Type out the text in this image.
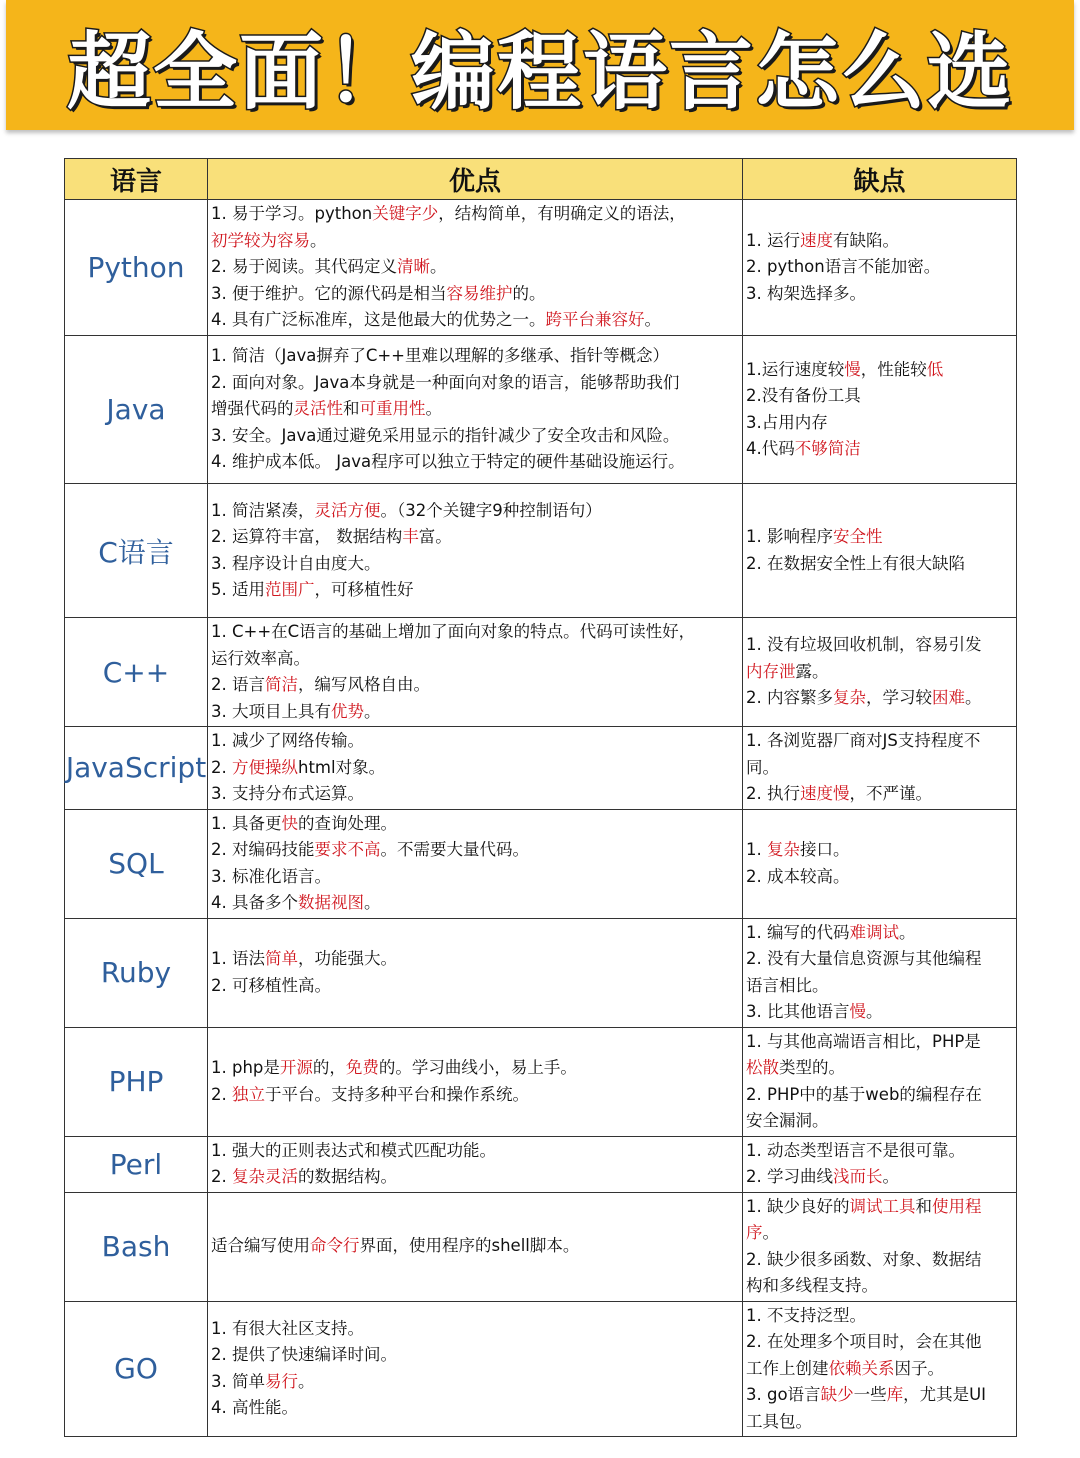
超全面！编程语言怎么选
语言	优点	缺点
Python	1. 易于学习。python关键字少，结构简单，有明确定义的语法，
初学较为容易。
2. 易于阅读。其代码定义清晰。
3. 便于维护。它的源代码是相当容易维护的。
4. 具有广泛标准库，这是他最大的优势之一。跨平台兼容好。	1. 运行速度有缺陷。
2. python语言不能加密。
3. 构架选择多。

Java	1. 简洁（Java摒弃了C++里难以理解的多继承、指针等概念）
2. 面向对象。Java本身就是一种面向对象的语言，能够帮助我们
增强代码的灵活性和可重用性。
3. 安全。Java通过避免采用显示的指针减少了安全攻击和风险。
4. 维护成本低。 Java程序可以独立于特定的硬件基础设施运行。	1.运行速度较慢，性能较低
2.没有备份工具
3.占用内存
4.代码不够简洁

C语言	1. 简洁紧凑，灵活方便。（32个关键字9种控制语句）
2. 运算符丰富， 数据结构丰富。
3. 程序设计自由度大。
5. 适用范围广，可移植性好	1. 影响程序安全性
2. 在数据安全性上有很大缺陷

C++	1. C++在C语言的基础上增加了面向对象的特点。代码可读性好，
运行效率高。
2. 语言简洁，编写风格自由。
3. 大项目上具有优势。	1. 没有垃圾回收机制，容易引发
内存泄露。
2. 内容繁多复杂，学习较困难。

JavaScript	1. 减少了网络传输。
2. 方便操纵html对象。
3. 支持分布式运算。	1. 各浏览器厂商对JS支持程度不
同。
2. 执行速度慢，不严谨。

SQL	1. 具备更快的查询处理。
2. 对编码技能要求不高。不需要大量代码。
3. 标准化语言。
4. 具备多个数据视图。	1. 复杂接口。
2. 成本较高。

Ruby	1. 语法简单，功能强大。
2. 可移植性高。	1. 编写的代码难调试。
2. 没有大量信息资源与其他编程
语言相比。
3. 比其他语言慢。

PHP	1. php是开源的，免费的。学习曲线小，易上手。
2. 独立于平台。支持多种平台和操作系统。	1. 与其他高端语言相比，PHP是
松散类型的。
2. PHP中的基于web的编程存在
安全漏洞。

Perl	1. 强大的正则表达式和模式匹配功能。
2. 复杂灵活的数据结构。	1. 动态类型语言不是很可靠。
2. 学习曲线浅而长。

Bash	适合编写使用命令行界面，使用程序的shell脚本。	1. 缺少良好的调试工具和使用程
序。
2. 缺少很多函数、对象、数据结
构和多线程支持。

GO	1. 有很大社区支持。
2. 提供了快速编译时间。
3. 简单易行。
4. 高性能。	1. 不支持泛型。
2. 在处理多个项目时，会在其他
工作上创建依赖关系因子。
3. go语言缺少一些库，尤其是UI
工具包。
